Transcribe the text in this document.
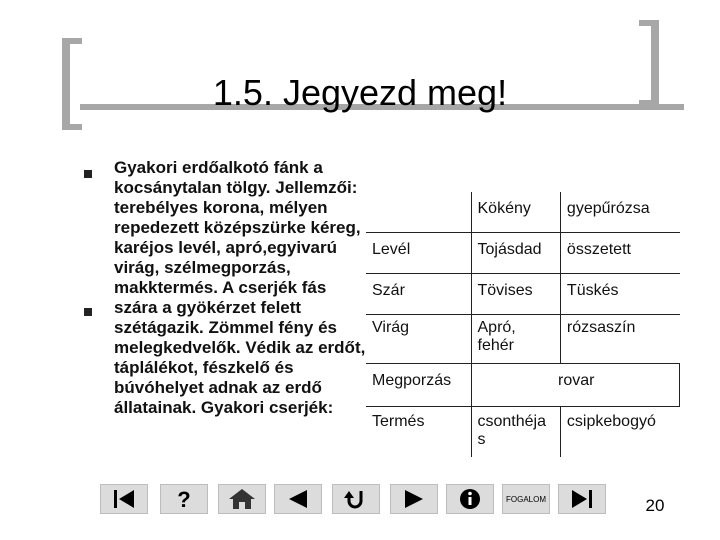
1.5. Jegyezd meg!
Gyakori erdőalkotó fánk a kocsánytalan tölgy. Jellemzői: terebélyes korona, mélyen repedezett középszürke kéreg, karéjos levél, apró,egyivarú virág, szélmegporzás, makktermés. A cserjék fás szára a gyökérzet felett szétágazik. Zömmel fény és melegkedvelők. Védik az erdőt, táplálékot, fészkelő és búvóhelyet adnak az erdő állatainak. Gyakori cserjék:
	Kökény	gyepűrózsa
Levél	Tojásdad	összetett
Szár	Tövises	Tüskés
Virág	Apró, fehér	rózsaszín
Megporzás	rovar	
Termés	csonthéja s	csipkebogyó
?	FOGALOM	20
